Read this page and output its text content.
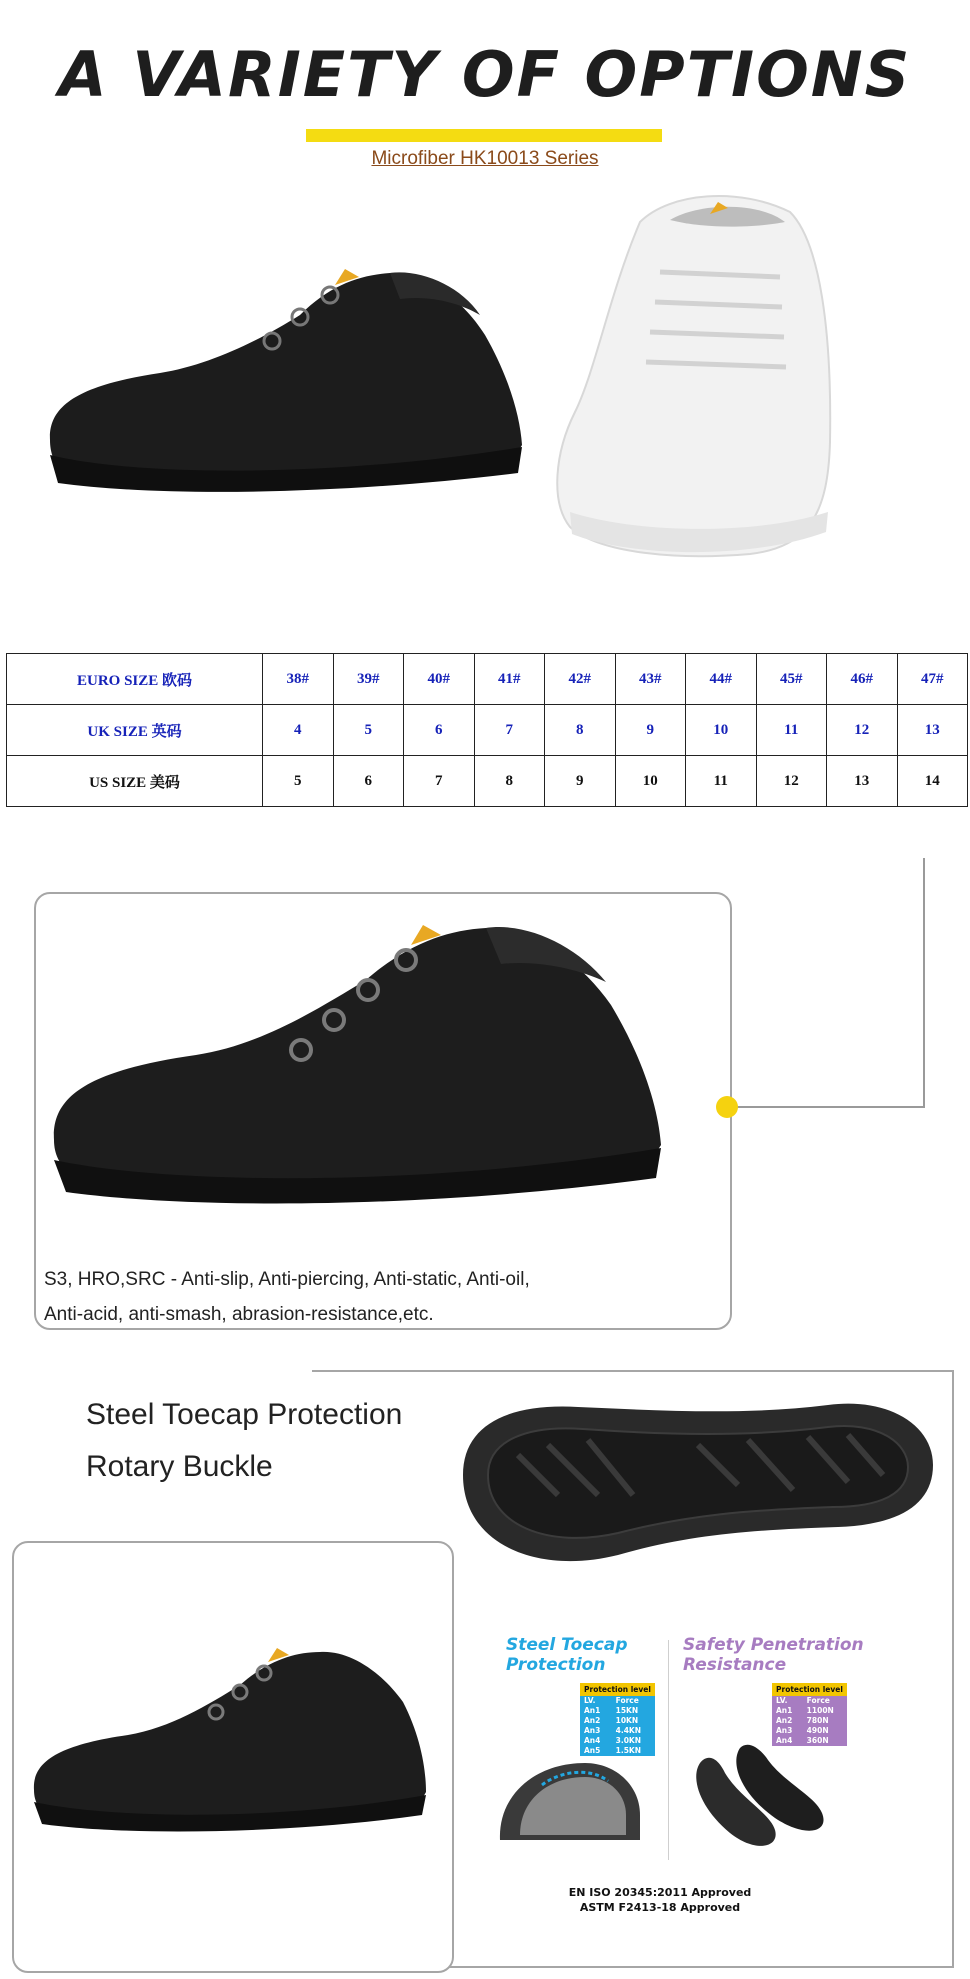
A VARIETY OF OPTIONS
Microfiber HK10013 Series
EURO SIZE 欧码	38#	39#	40#	41#	42#	43#	44#	45#	46#	47#
UK SIZE 英码	4	5	6	7	8	9	10	11	12	13
US SIZE 美码	5	6	7	8	9	10	11	12	13	14
S3, HRO,SRC - Anti-slip, Anti-piercing, Anti-static, Anti-oil,
Anti-acid, anti-smash, abrasion-resistance,etc.
Steel Toecap Protection
Rotary Buckle
Steel Toecap
Protection
Safety Penetration
Resistance
Protection level	
LV.	Force
An1	15KN
An2	10KN
An3	4.4KN
An4	3.0KN
An5	1.5KN
Protection level	
LV.	Force
An1	1100N
An2	780N
An3	490N
An4	360N
EN ISO 20345:2011 Approved
ASTM F2413-18 Approved
